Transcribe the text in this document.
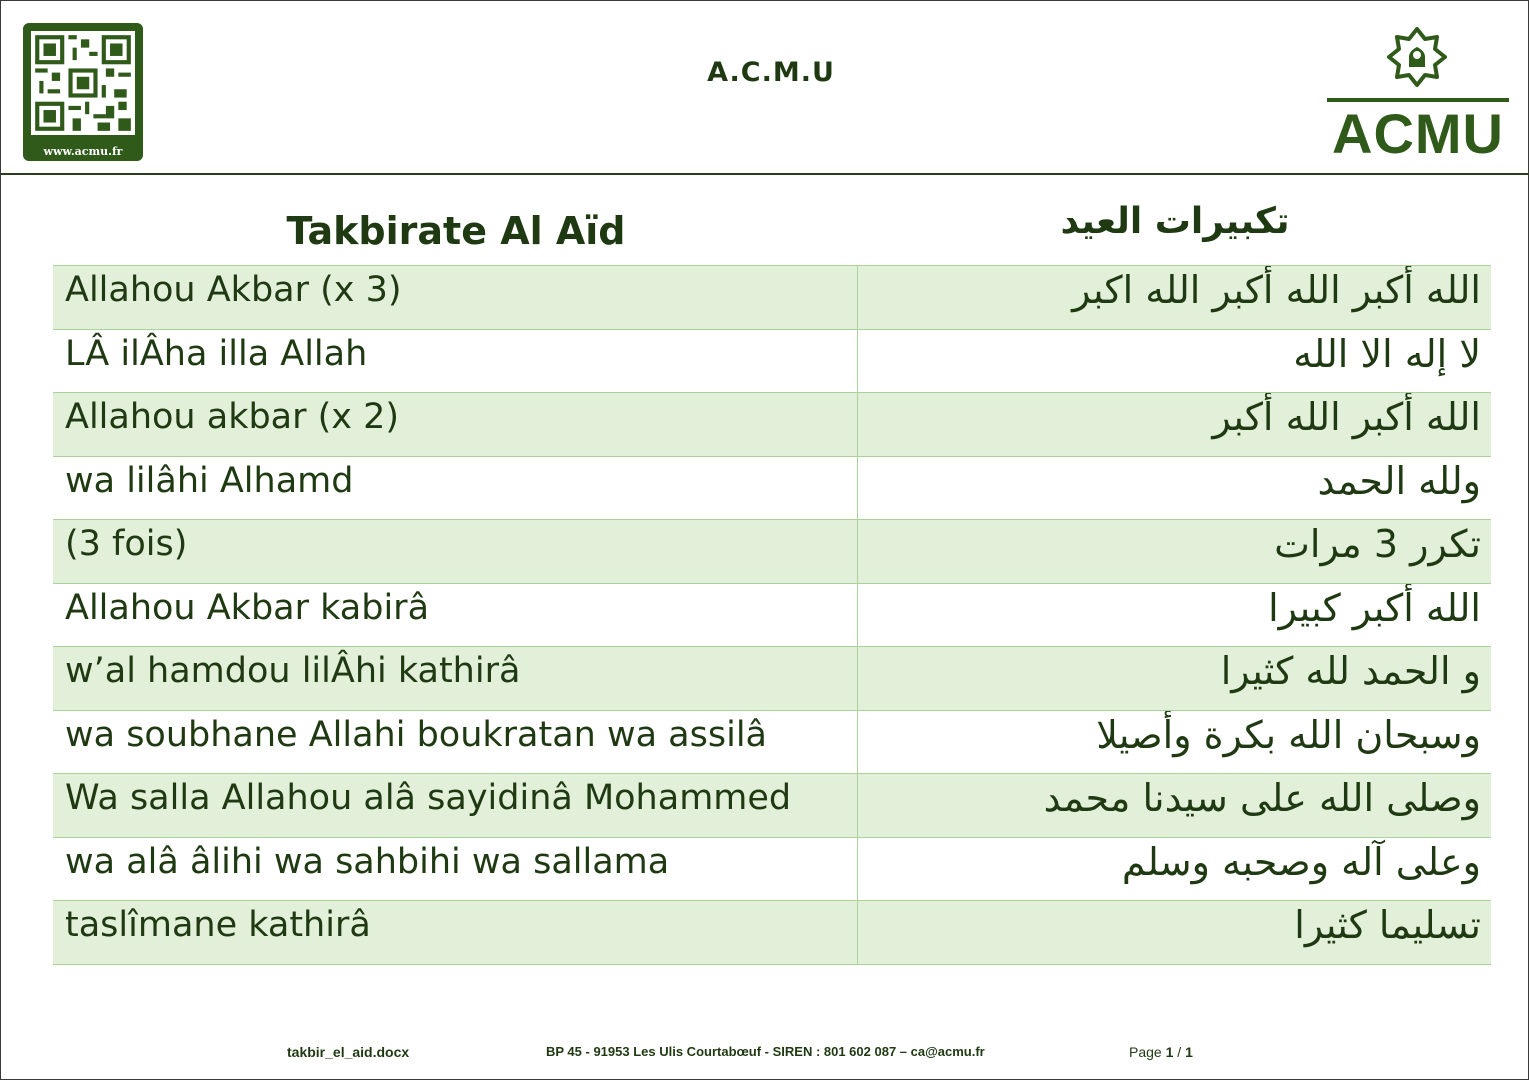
www.acmu.fr
A.C.M.U
ACMU
Takbirate Al Aïd	تكبيرات العيد
Allahou Akbar (x 3)	الله أكبر الله أكبر الله اكبر
LÂ ilÂha illa Allah	لا إله الا الله
Allahou akbar (x 2)	الله أكبر الله أكبر
wa lilâhi Alhamd	ولله الحمد
(3 fois)	تكرر 3 مرات
Allahou Akbar kabirâ	الله أكبر كبيرا
w’al hamdou lilÂhi kathirâ	و الحمد لله كثيرا
wa soubhane Allahi boukratan wa assilâ	وسبحان الله بكرة وأصيلا
Wa salla Allahou alâ sayidinâ Mohammed	وصلى الله على سيدنا محمد
wa alâ âlihi wa sahbihi wa sallama	وعلى آله وصحبه وسلم
taslîmane kathirâ	تسليما كثيرا
takbir_el_aid.docx	BP 45 - 91953 Les Ulis Courtabœuf - SIREN : 801 602 087 – ca@acmu.fr	Page 1 / 1
